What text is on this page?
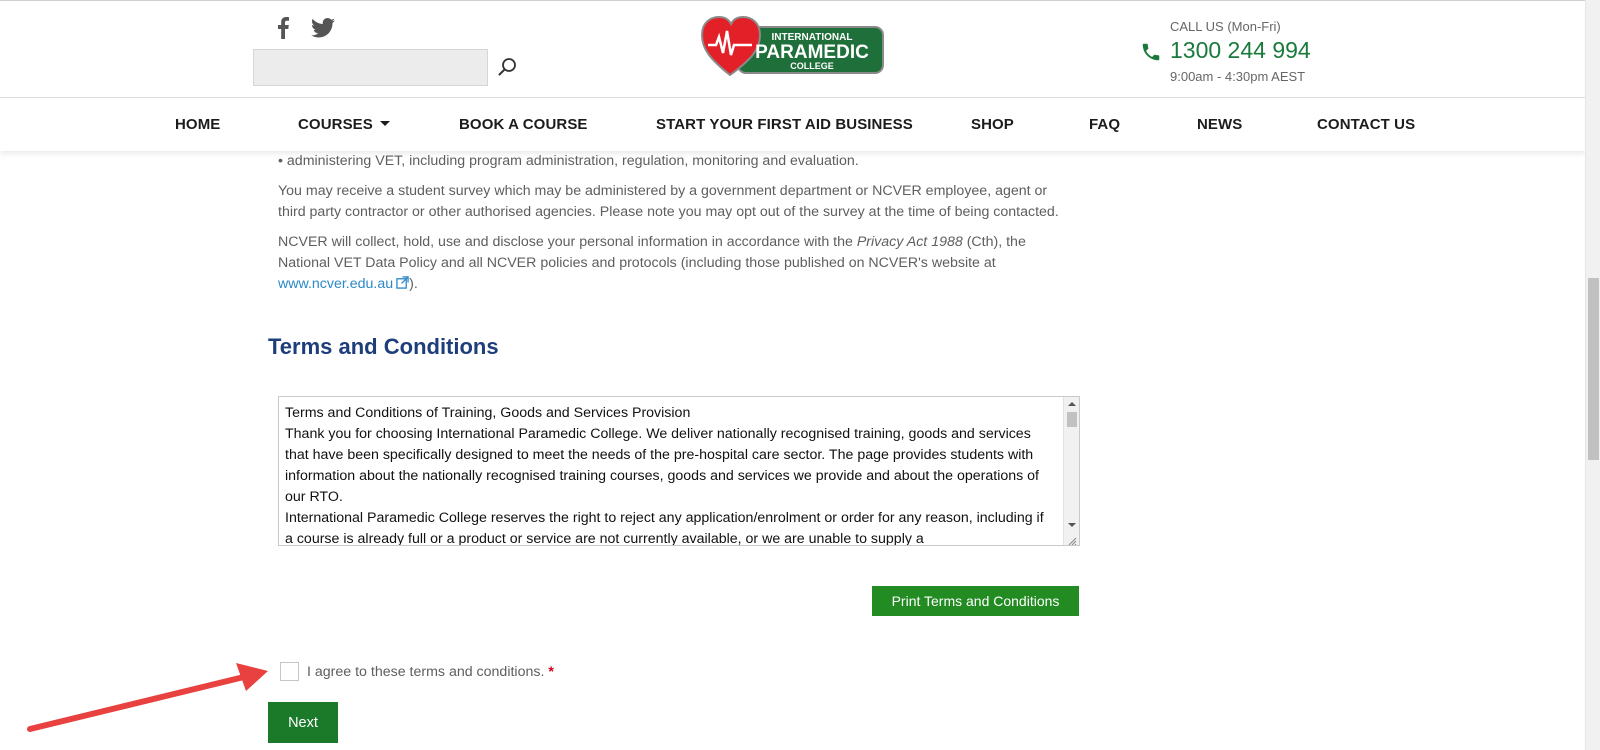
INTERNATIONAL
PARAMEDIC
COLLEGE
CALL US (Mon-Fri)
1300 244 994
9:00am - 4:30pm AEST
HOME	COURSES	BOOK A COURSE	START YOUR FIRST AID BUSINESS	SHOP	FAQ	NEWS	CONTACT US

• administering VET, including program administration, regulation, monitoring and evaluation.

You may receive a student survey which may be administered by a government department or NCVER employee, agent or third party contractor or other authorised agencies. Please note you may opt out of the survey at the time of being contacted.

NCVER will collect, hold, use and disclose your personal information in accordance with the Privacy Act 1988 (Cth), the National VET Data Policy and all NCVER policies and protocols (including those published on NCVER's website at www.ncver.edu.au ).

Terms and Conditions
Terms and Conditions of Training, Goods and Services Provision
Thank you for choosing International Paramedic College. We deliver nationally recognised training, goods and services that have been specifically designed to meet the needs of the pre-hospital care sector. The page provides students with information about the nationally recognised training courses, goods and services we provide and about the operations of our RTO.
International Paramedic College reserves the right to reject any application/enrolment or order for any reason, including if a course is already full or a product or service are not currently available, or we are unable to supply a
Print Terms and Conditions
I agree to these terms and conditions. *
Next
